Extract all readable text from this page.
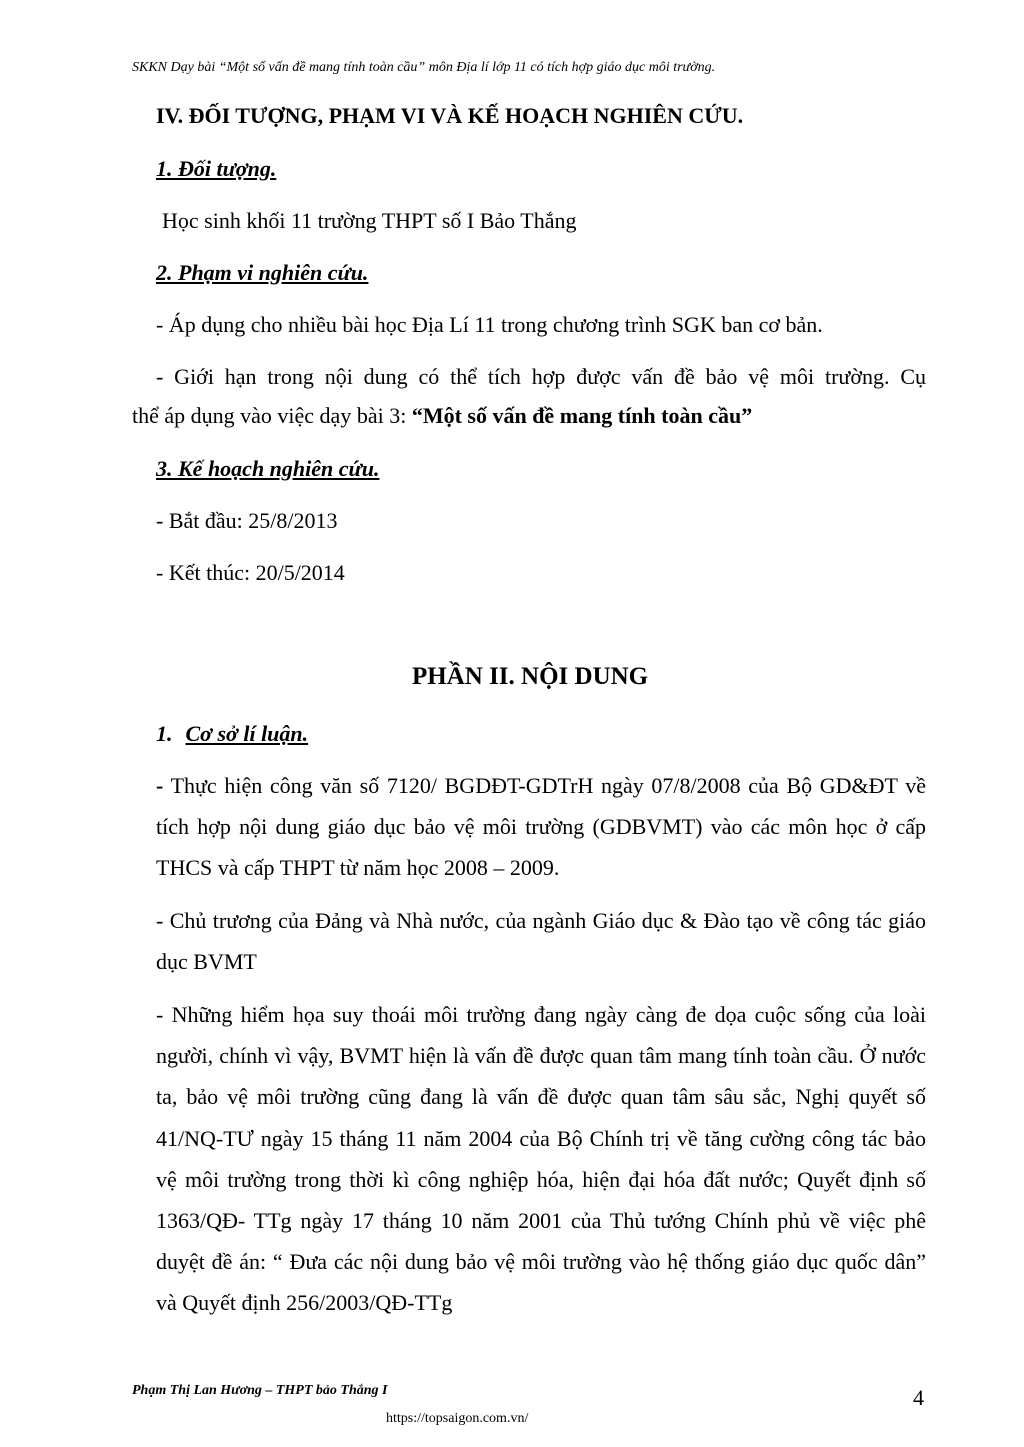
SKKN Dạy bài “Một số vấn đề mang tính toàn cầu” môn Địa lí lớp 11 có tích hợp giáo dục môi trường.
IV. ĐỐI TƯỢNG, PHẠM VI VÀ KẾ HOẠCH NGHIÊN CỨU.
1. Đối tượng.
Học sinh khối 11 trường THPT số I Bảo Thắng
2. Phạm vi nghiên cứu.
- Áp dụng cho nhiều bài học Địa Lí 11 trong chương trình SGK ban cơ bản.
- Giới hạn trong nội dung có thể tích hợp được vấn đề bảo vệ môi trường. Cụ
thể áp dụng vào việc dạy bài 3: “Một số vấn đề mang tính toàn cầu”
3. Kế hoạch nghiên cứu.
- Bắt đầu: 25/8/2013
- Kết thúc: 20/5/2014
PHẦN II. NỘI DUNG
1. Cơ sở lí luận.
- Thực hiện công văn số 7120/ BGDĐT-GDTrH ngày 07/8/2008 của Bộ GD&ĐT về tích hợp nội dung giáo dục bảo vệ môi trường (GDBVMT) vào các môn học ở cấp THCS và cấp THPT từ năm học 2008 – 2009.
- Chủ trương của Đảng và Nhà nước, của ngành Giáo dục & Đào tạo về công tác giáo dục BVMT
- Những hiểm họa suy thoái môi trường đang ngày càng đe dọa cuộc sống của loài người, chính vì vậy, BVMT hiện là vấn đề được quan tâm mang tính toàn cầu. Ở nước ta, bảo vệ môi trường cũng đang là vấn đề được quan tâm sâu sắc, Nghị quyết số 41/NQ-TƯ ngày 15 tháng 11 năm 2004 của Bộ Chính trị về tăng cường công tác bảo vệ môi trường trong thời kì công nghiệp hóa, hiện đại hóa đất nước; Quyết định số 1363/QĐ- TTg ngày 17 tháng 10 năm 2001 của Thủ tướng Chính phủ về việc phê duyệt đề án: “ Đưa các nội dung bảo vệ môi trường vào hệ thống giáo dục quốc dân” và Quyết định 256/2003/QĐ-TTg
Phạm Thị Lan Hương – THPT bảo Thắng I	4
https://topsaigon.com.vn/
